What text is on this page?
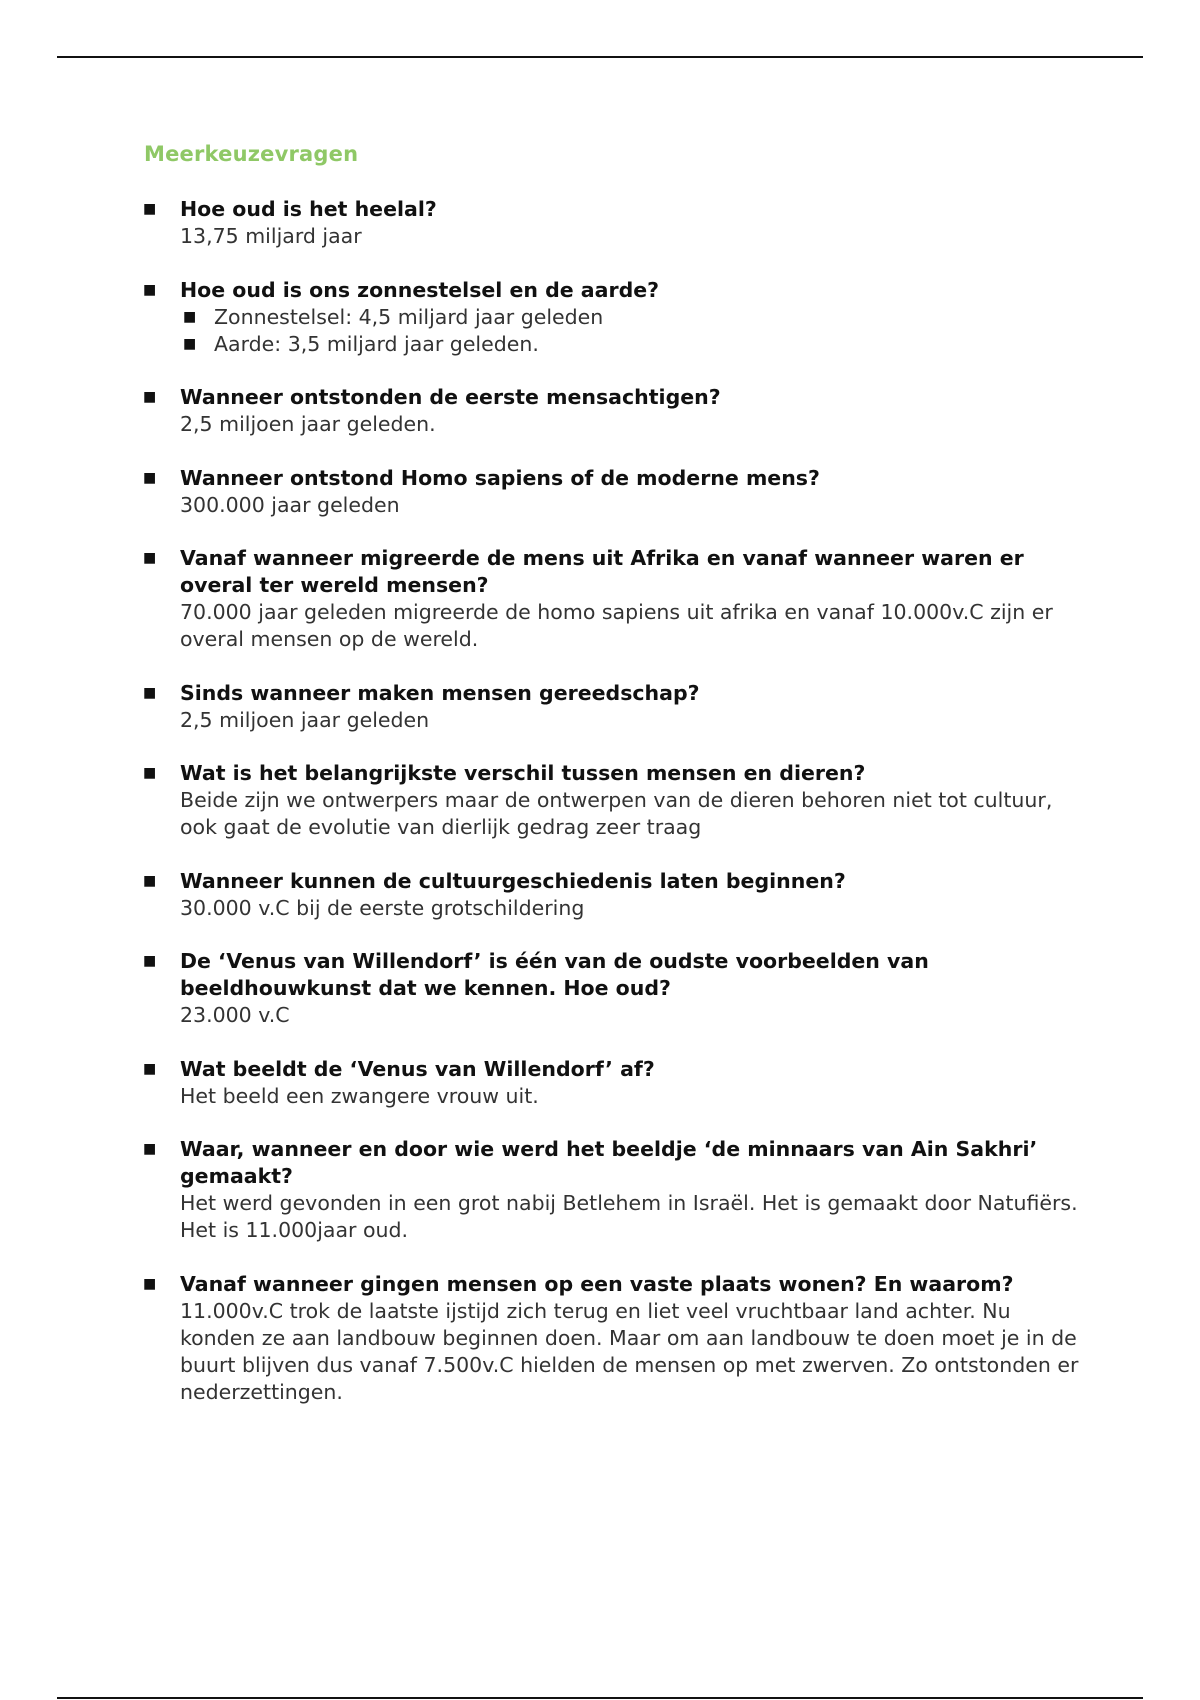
Meerkeuzevragen
■ Hoe oud is het heelal?
13,75 miljard jaar
■ Hoe oud is ons zonnestelsel en de aarde?
■ Zonnestelsel: 4,5 miljard jaar geleden
■ Aarde: 3,5 miljard jaar geleden.
■ Wanneer ontstonden de eerste mensachtigen?
2,5 miljoen jaar geleden.
■ Wanneer ontstond Homo sapiens of de moderne mens?
300.000 jaar geleden
■ Vanaf wanneer migreerde de mens uit Afrika en vanaf wanneer waren er overal ter wereld mensen?
70.000 jaar geleden migreerde de homo sapiens uit afrika en vanaf 10.000v.C zijn er overal mensen op de wereld.
■ Sinds wanneer maken mensen gereedschap?
2,5 miljoen jaar geleden
■ Wat is het belangrijkste verschil tussen mensen en dieren?
Beide zijn we ontwerpers maar de ontwerpen van de dieren behoren niet tot cultuur, ook gaat de evolutie van dierlijk gedrag zeer traag
■ Wanneer kunnen de cultuurgeschiedenis laten beginnen?
30.000 v.C bij de eerste grotschildering
■ De ‘Venus van Willendorf’ is één van de oudste voorbeelden van beeldhouwkunst dat we kennen. Hoe oud?
23.000 v.C
■ Wat beeldt de ‘Venus van Willendorf’ af?
Het beeld een zwangere vrouw uit.
■ Waar, wanneer en door wie werd het beeldje ‘de minnaars van Ain Sakhri’
gemaakt?
Het werd gevonden in een grot nabij Betlehem in Israël. Het is gemaakt door Natufiërs. Het is 11.000jaar oud.
■ Vanaf wanneer gingen mensen op een vaste plaats wonen? En waarom?
11.000v.C trok de laatste ijstijd zich terug en liet veel vruchtbaar land achter. Nu konden ze aan landbouw beginnen doen. Maar om aan landbouw te doen moet je in de buurt blijven dus vanaf 7.500v.C hielden de mensen op met zwerven. Zo ontstonden er nederzettingen.
